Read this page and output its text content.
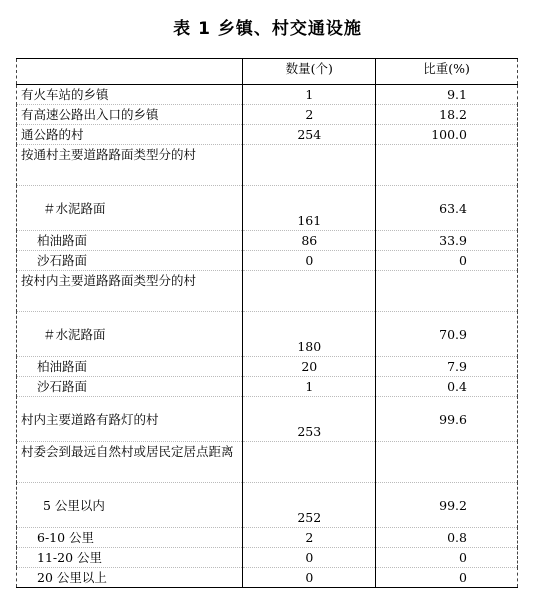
表 1 乡镇、村交通设施
	数量(个)	比重(%)
有火车站的乡镇	1	9.1
有高速公路出入口的乡镇	2	18.2
通公路的村	254	100.0
按通村主要道路路面类型分的村		
＃水泥路面	161	63.4
柏油路面	86	33.9
沙石路面	0	0
按村内主要道路路面类型分的村		
＃水泥路面	180	70.9
柏油路面	20	7.9
沙石路面	1	0.4
村内主要道路有路灯的村	253	99.6
村委会到最远自然村或居民定居点距离		
5 公里以内	252	99.2
6-10 公里	2	0.8
11-20 公里	0	0
20 公里以上	0	0
